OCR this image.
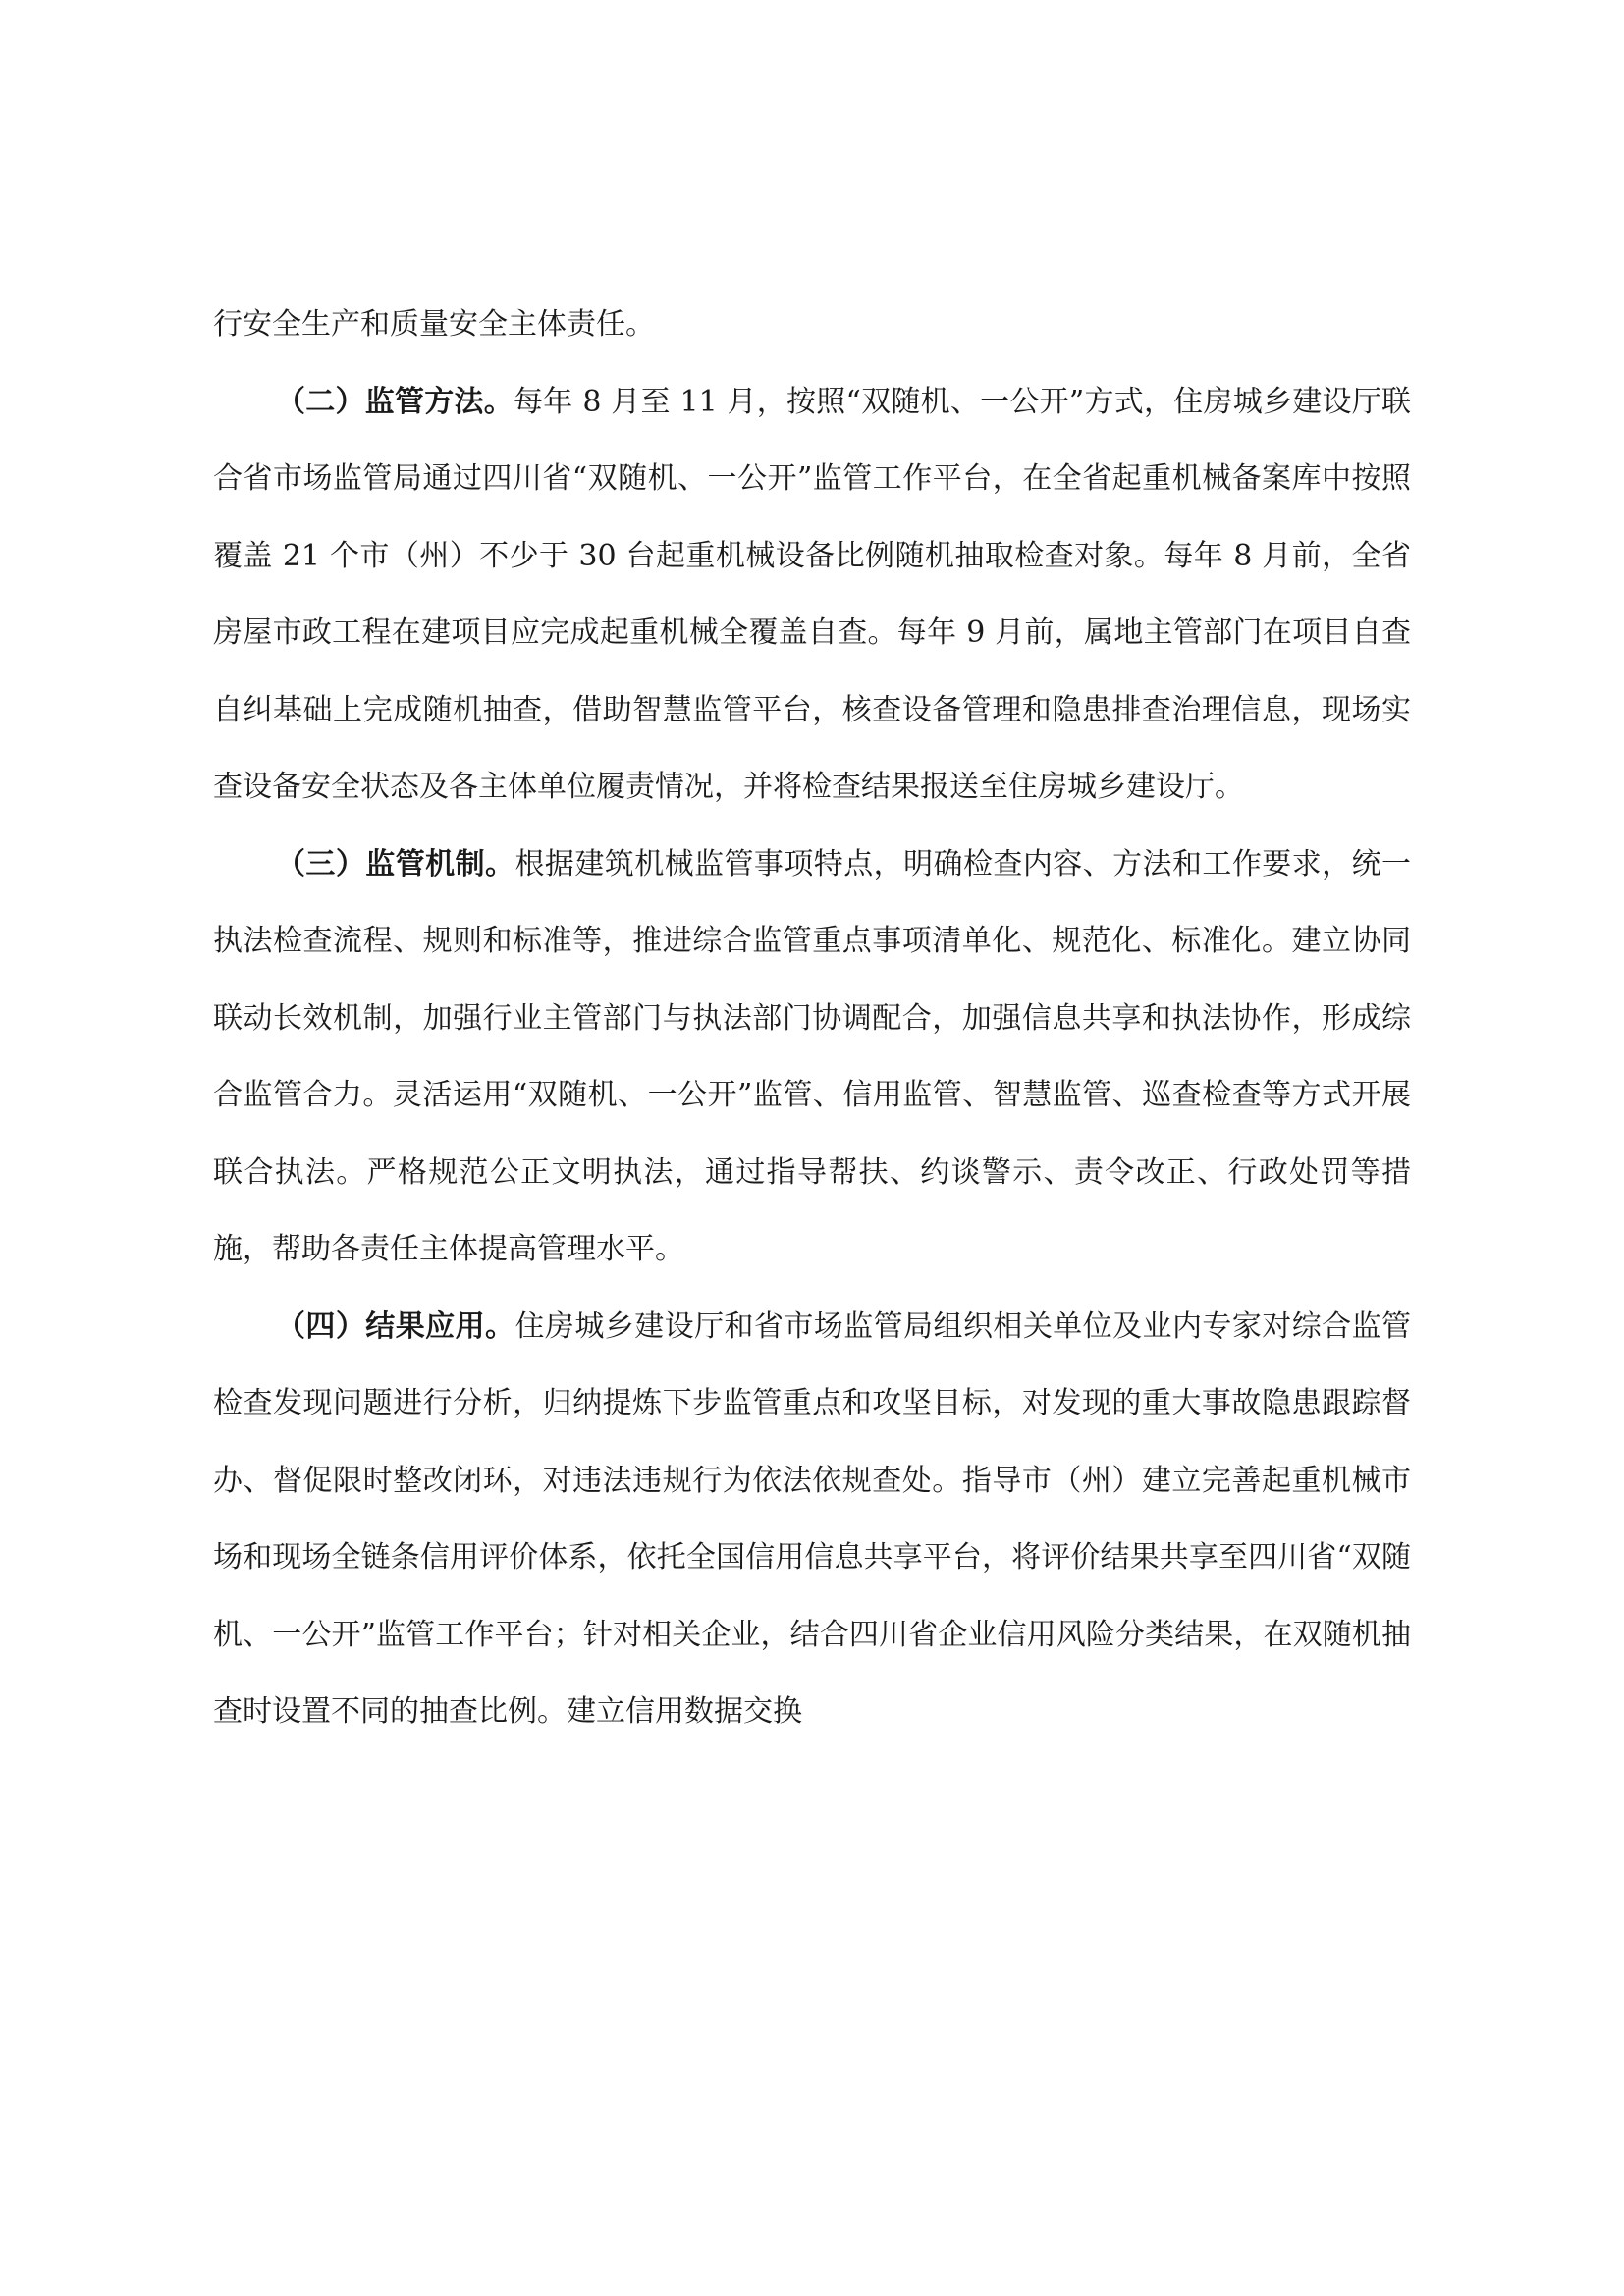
行安全生产和质量安全主体责任。

（二）监管方法。每年 8 月至 11 月，按照“双随机、一公开”方式，住房城乡建设厅联合省市场监管局通过四川省“双随机、一公开”监管工作平台，在全省起重机械备案库中按照覆盖 21 个市（州）不少于 30 台起重机械设备比例随机抽取检查对象。每年 8 月前，全省房屋市政工程在建项目应完成起重机械全覆盖自查。每年 9 月前，属地主管部门在项目自查自纠基础上完成随机抽查，借助智慧监管平台，核查设备管理和隐患排查治理信息，现场实查设备安全状态及各主体单位履责情况，并将检查结果报送至住房城乡建设厅。

（三）监管机制。根据建筑机械监管事项特点，明确检查内容、方法和工作要求，统一执法检查流程、规则和标准等，推进综合监管重点事项清单化、规范化、标准化。建立协同联动长效机制，加强行业主管部门与执法部门协调配合，加强信息共享和执法协作，形成综合监管合力。灵活运用“双随机、一公开”监管、信用监管、智慧监管、巡查检查等方式开展联合执法。严格规范公正文明执法，通过指导帮扶、约谈警示、责令改正、行政处罚等措施，帮助各责任主体提高管理水平。

（四）结果应用。住房城乡建设厅和省市场监管局组织相关单位及业内专家对综合监管检查发现问题进行分析，归纳提炼下步监管重点和攻坚目标，对发现的重大事故隐患跟踪督办、督促限时整改闭环，对违法违规行为依法依规查处。指导市（州）建立完善起重机械市场和现场全链条信用评价体系，依托全国信用信息共享平台，将评价结果共享至四川省“双随机、一公开”监管工作平台；针对相关企业，结合四川省企业信用风险分类结果，在双随机抽查时设置不同的抽查比例。建立信用数据交换
